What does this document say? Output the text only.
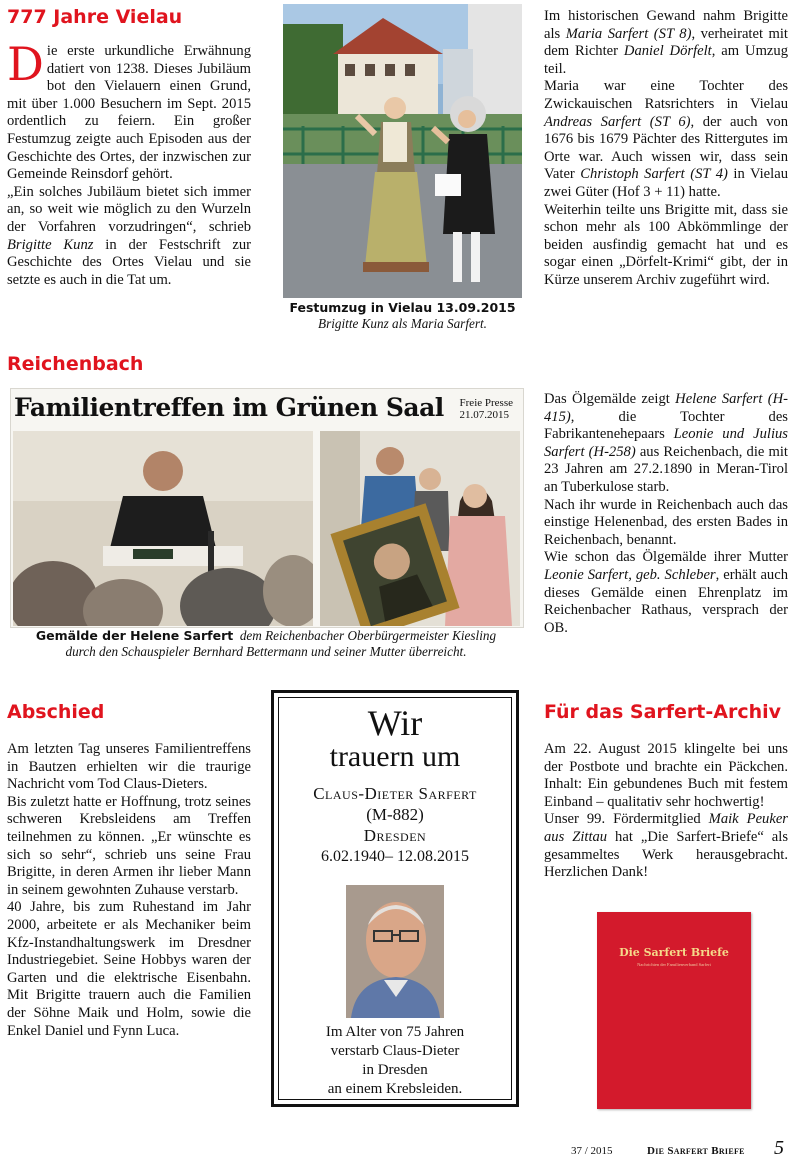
777 Jahre Vielau

Die erste urkundliche Erwähnung datiert von 1238. Dieses Jubiläum bot den Vielauern einen Grund, mit über 1.000 Besuchern im Sept. 2015 ordentlich zu feiern. Ein großer Festumzug zeigte auch Episoden aus der Geschichte des Ortes, der inzwischen zur Gemeinde Reinsdorf gehört.

„Ein solches Jubiläum bietet sich immer an, so weit wie möglich zu den Wurzeln der Vorfahren vorzudringen“, schrieb Brigitte Kunz in der Festschrift zur Geschichte des Ortes Vielau und sie setzte es auch in die Tat um.

Festumzug in Vielau 13.09.2015
Brigitte Kunz als Maria Sarfert.

Im historischen Gewand nahm Brigitte als Maria Sarfert (ST 8), verheiratet mit dem Richter Daniel Dörfelt, am Umzug teil.

Maria war eine Tochter des Zwickauischen Ratsrichters in Vielau Andreas Sarfert (ST 6), der auch von 1676 bis 1679 Pächter des Rittergutes im Orte war. Auch wissen wir, dass sein Vater Christoph Sarfert (ST 4) in Vielau zwei Güter (Hof 3 + 11) hatte.

Weiterhin teilte uns Brigitte mit, dass sie schon mehr als 100 Abkömmlinge der beiden ausfindig gemacht hat und es sogar einen „Dörfelt-Krimi“ gibt, der in Kürze unserem Archiv zugeführt wird.

Reichenbach
Familientreffen im Grünen Saal Freie Presse
21.07.2015
Gemälde der Helene Sarfert dem Reichenbacher Oberbürgermeister Kiesling
durch den Schauspieler Bernhard Bettermann und seiner Mutter überreicht.

Das Ölgemälde zeigt Helene Sarfert (H-415), die Tochter des Fabrikantenehepaars Leonie und Julius Sarfert (H-258) aus Reichenbach, die mit 23 Jahren am 27.2.1890 in Meran-Tirol an Tuberkulose starb.

Nach ihr wurde in Reichenbach auch das einstige Helenenbad, des ersten Bades in Reichenbach, benannt.

Wie schon das Ölgemälde ihrer Mutter Leonie Sarfert, geb. Schleber, erhält auch dieses Gemälde einen Ehrenplatz im Reichenbacher Rathaus, versprach der OB.

Abschied

Am letzten Tag unseres Familientreffens in Bautzen erhielten wir die traurige Nachricht vom Tod Claus-Dieters.

Bis zuletzt hatte er Hoffnung, trotz seines schweren Krebsleidens am Treffen teilnehmen zu können. „Er wünschte es sich so sehr“, schrieb uns seine Frau Brigitte, in deren Armen ihr lieber Mann in seinem gewohnten Zuhause verstarb.

40 Jahre, bis zum Ruhestand im Jahr 2000, arbeitete er als Mechaniker beim Kfz-Instandhaltungswerk im Dresdner Industriegebiet. Seine Hobbys waren der Garten und die elektrische Eisenbahn. Mit Brigitte trauern auch die Familien der Söhne Maik und Holm, sowie die Enkel Daniel und Fynn Luca.

Wir
trauern um
Claus-Dieter Sarfert
(M-882)
Dresden
6.02.1940– 12.08.2015
Im Alter von 75 Jahren
verstarb Claus-Dieter
in Dresden
an einem Krebsleiden.
Für das Sarfert-Archiv

Am 22. August 2015 klingelte bei uns der Postbote und brachte ein Päckchen. Inhalt: Ein gebundenes Buch mit festem Einband – qualitativ sehr hochwertig!

Unser 99. Fördermitglied Maik Peuker aus Zittau hat „Die Sarfert-Briefe“ als gesammeltes Werk herausgebracht. Herzlichen Dank!

Die Sarfert Briefe
Nachrichten der Familienverband Sarfert
37 / 2015	Die Sarfert Briefe 5
